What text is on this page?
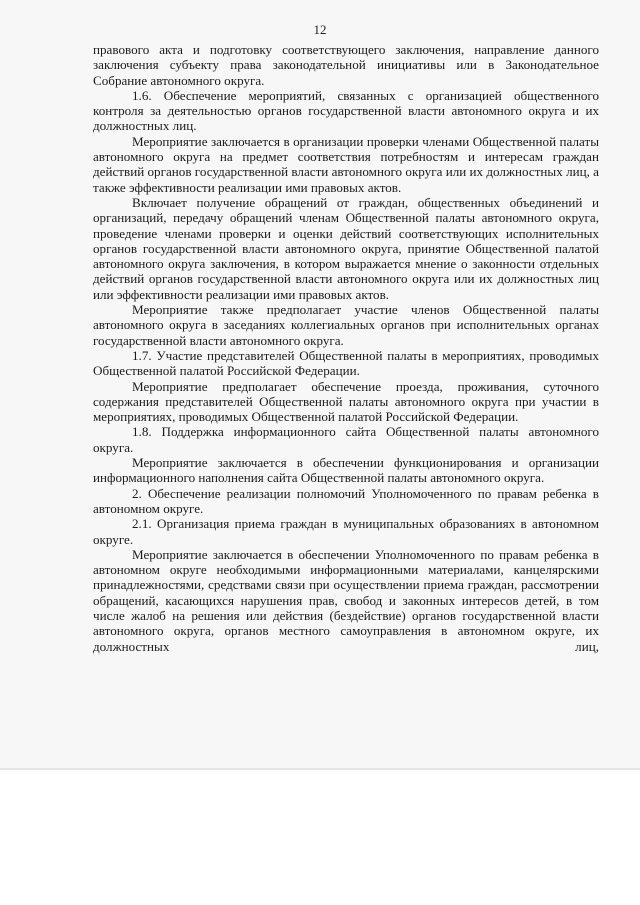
12

правового акта и подготовку соответствующего заключения, направление данного заключения субъекту права законодательной инициативы или в Законодательное Собрание автономного округа.

1.6. Обеспечение мероприятий, связанных с организацией общественного контроля за деятельностью органов государственной власти автономного округа и их должностных лиц.

Мероприятие заключается в организации проверки членами Общественной палаты автономного округа на предмет соответствия потребностям и интересам граждан действий органов государственной власти автономного округа или их должностных лиц, а также эффективности реализации ими правовых актов.

Включает получение обращений от граждан, общественных объединений и организаций, передачу обращений членам Общественной палаты автономного округа, проведение членами проверки и оценки действий соответствующих исполнительных органов государственной власти автономного округа, принятие Общественной палатой автономного округа заключения, в котором выражается мнение о законности отдельных действий органов государственной власти автономного округа или их должностных лиц или эффективности реализации ими правовых актов.

Мероприятие также предполагает участие членов Общественной палаты автономного округа в заседаниях коллегиальных органов при исполнительных органах государственной власти автономного округа.

1.7. Участие представителей Общественной палаты в мероприятиях, проводимых Общественной палатой Российской Федерации.

Мероприятие предполагает обеспечение проезда, проживания, суточного содержания представителей Общественной палаты автономного округа при участии в мероприятиях, проводимых Общественной палатой Российской Федерации.

1.8. Поддержка информационного сайта Общественной палаты автономного округа.

Мероприятие заключается в обеспечении функционирования и организации информационного наполнения сайта Общественной палаты автономного округа.

2. Обеспечение реализации полномочий Уполномоченного по правам ребенка в автономном округе.

2.1. Организация приема граждан в муниципальных образованиях в автономном округе.

Мероприятие заключается в обеспечении Уполномоченного по правам ребенка в автономном округе необходимыми информационными материалами, канцелярскими принадлежностями, средствами связи при осуществлении приема граждан, рассмотрении обращений, касающихся нарушения прав, свобод и законных интересов детей, в том числе жалоб на решения или действия (бездействие) органов государственной власти автономного округа, органов местного самоуправления в автономном округе, их должностных лиц,
